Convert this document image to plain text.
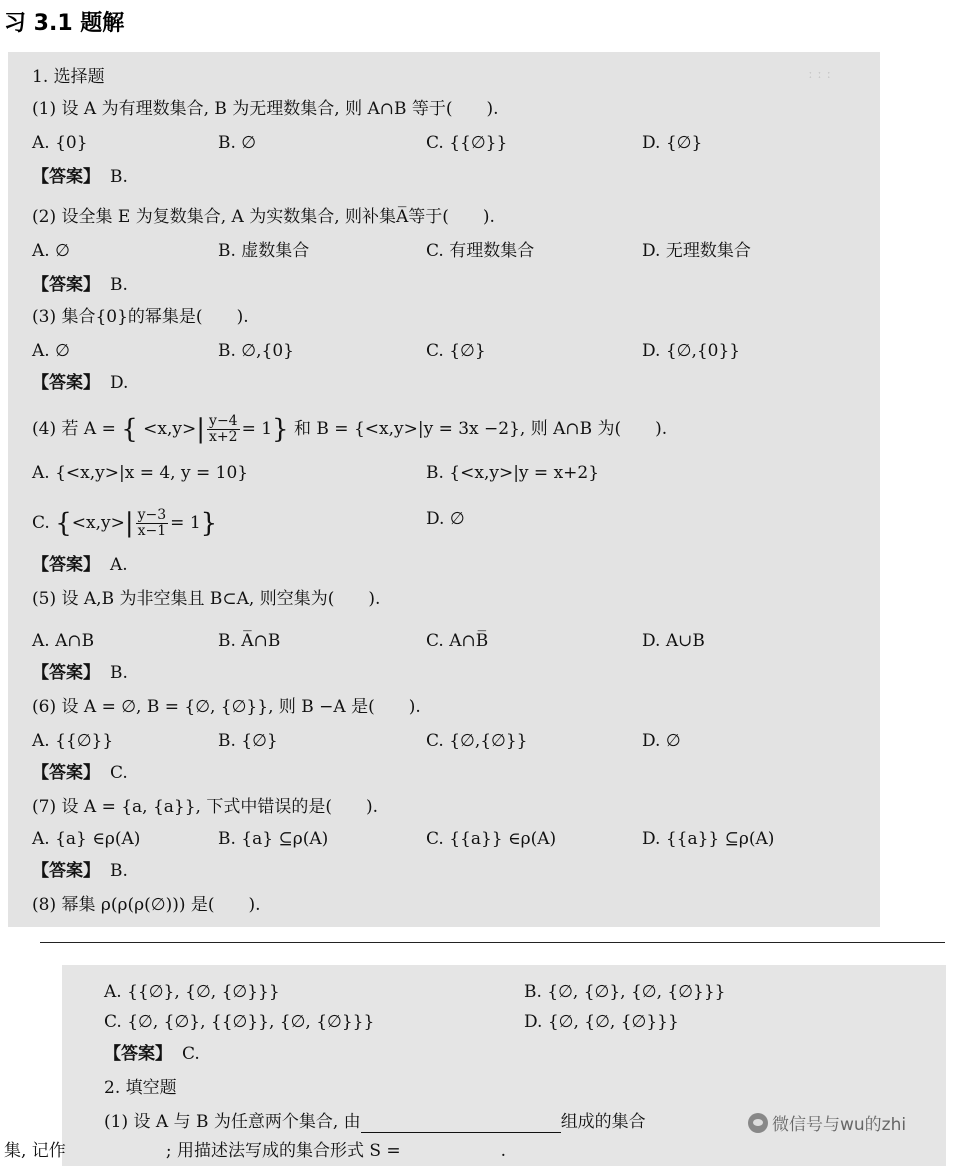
习 3.1 题解
ː ː ː
1. 选择题
(1) 设 A 为有理数集合, B 为无理数集合, 则 A∩B 等于(　　).
A. {0}	B. ∅	C. {{∅}}	D. {∅}
【答案】 B.
(2) 设全集 E 为复数集合, A 为实数集合, 则补集A̅等于(　　).
A. ∅	B. 虚数集合	C. 有理数集合	D. 无理数集合
【答案】 B.
(3) 集合{0}的幂集是(　　).
A. ∅	B. ∅,{0}	C. {∅}	D. {∅,{0}}
【答案】 D.
(4) 若 A = { $<x,y>| \frac{y-4}{x+2} = 1$} 和 B = {<x,y>|y = 3x −2}, 则 A∩B 为(　　).
A. {<x,y>|x = 4, y = 10}	B. {<x,y>|y = x+2}
C. $\{<x,y>| \frac{y-3}{x-1} = 1\}$	D. ∅
【答案】 A.
(5) 设 A,B 为非空集且 B⊂A, 则空集为(　　).
A. A∩B	B. A̅∩B	C. A∩B̅	D. A∪B
【答案】 B.
(6) 设 A = ∅, B = {∅, {∅}}, 则 B −A 是(　　).
A. {{∅}}	B. {∅}	C. {∅,{∅}}	D. ∅
【答案】 C.
(7) 设 A = {a, {a}}, 下式中错误的是(　　).
A. {a} ∈ρ(A)	B. {a} ⊆ρ(A)	C. {{a}} ∈ρ(A)	D. {{a}} ⊆ρ(A)
【答案】 B.
(8) 幂集 ρ(ρ(ρ(∅))) 是(　　).
A. {{∅}, {∅, {∅}}}	B. {∅, {∅}, {∅, {∅}}}
C. {∅, {∅}, {{∅}}, {∅, {∅}}}	D. {∅, {∅, {∅}}}
【答案】 C.
2. 填空题
(1) 设 A 与 B 为任意两个集合, 由	组成的集合
集, 记作	; 用描述法写成的集合形式 S =	.
微信号与wu的zhi
